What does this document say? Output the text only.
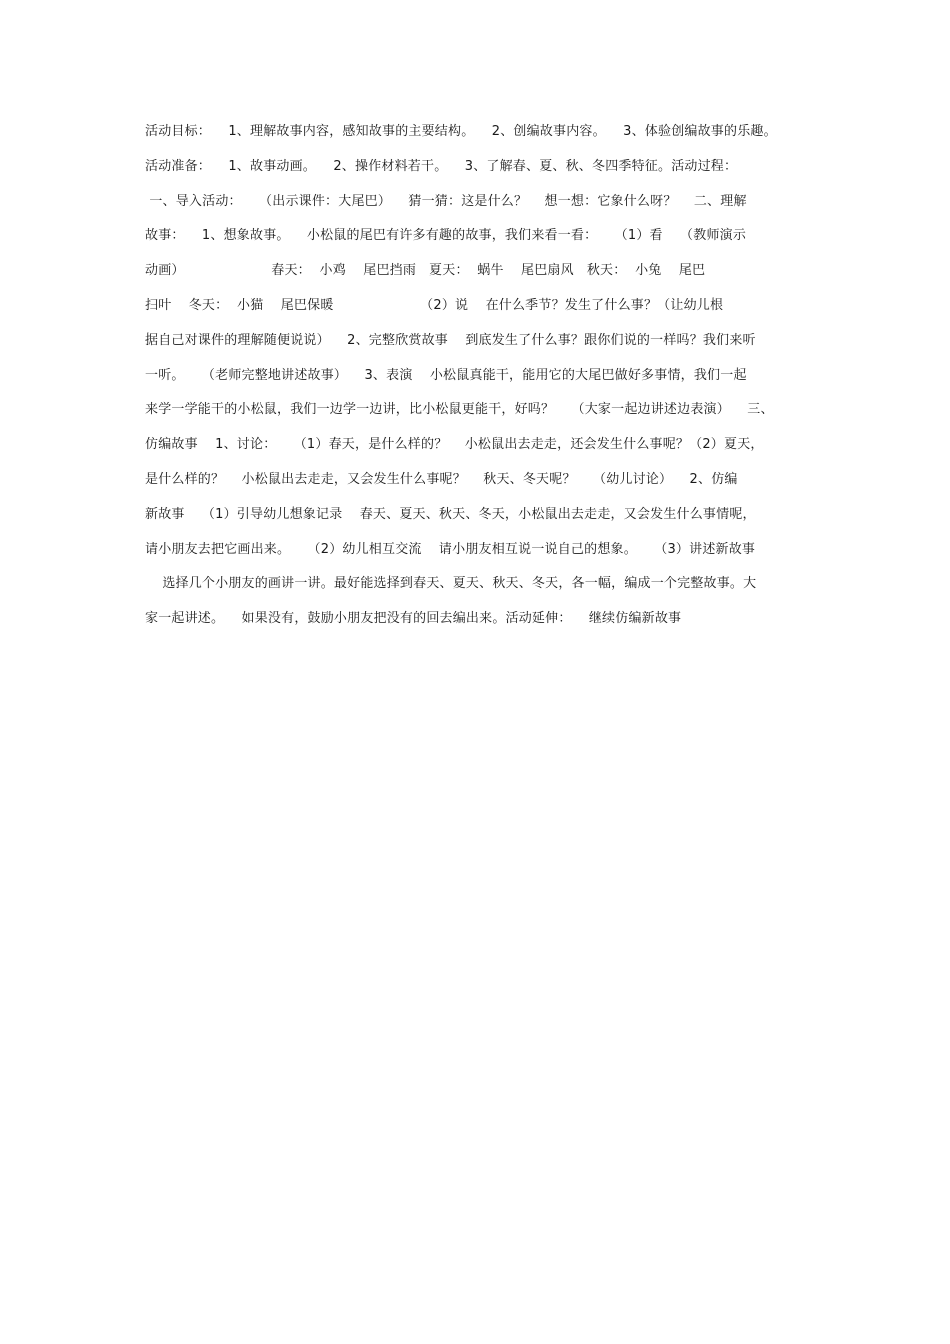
活动目标：    1、理解故事内容，感知故事的主要结构。    2、创编故事内容。    3、体验创编故事的乐趣。
活动准备：    1、故事动画。    2、操作材料若干。    3、了解春、夏、秋、冬四季特征。活动过程：
一、导入活动：    （出示课件：大尾巴）    猜一猜：这是什么？    想一想：它象什么呀？    二、理解
故事：    1、想象故事。    小松鼠的尾巴有许多有趣的故事，我们来看一看：    （1）看    （教师演示
动画）                    春天：  小鸡    尾巴挡雨   夏天：  蜗牛    尾巴扇风   秋天：  小兔    尾巴
扫叶    冬天：  小猫    尾巴保暖                    （2）说    在什么季节？发生了什么事？（让幼儿根
据自己对课件的理解随便说说）    2、完整欣赏故事    到底发生了什么事？跟你们说的一样吗？我们来听
一听。    （老师完整地讲述故事）    3、表演    小松鼠真能干，能用它的大尾巴做好多事情，我们一起
来学一学能干的小松鼠，我们一边学一边讲，比小松鼠更能干，好吗？    （大家一起边讲述边表演）    三、
仿编故事    1、讨论：    （1）春天，是什么样的？    小松鼠出去走走，还会发生什么事呢？（2）夏天，
是什么样的？    小松鼠出去走走，又会发生什么事呢？    秋天、冬天呢？    （幼儿讨论）    2、仿编
新故事    （1）引导幼儿想象记录    春天、夏天、秋天、冬天，小松鼠出去走走，又会发生什么事情呢，
请小朋友去把它画出来。    （2）幼儿相互交流    请小朋友相互说一说自己的想象。    （3）讲述新故事
选择几个小朋友的画讲一讲。最好能选择到春天、夏天、秋天、冬天，各一幅，编成一个完整故事。大
家一起讲述。    如果没有，鼓励小朋友把没有的回去编出来。活动延伸：    继续仿编新故事
